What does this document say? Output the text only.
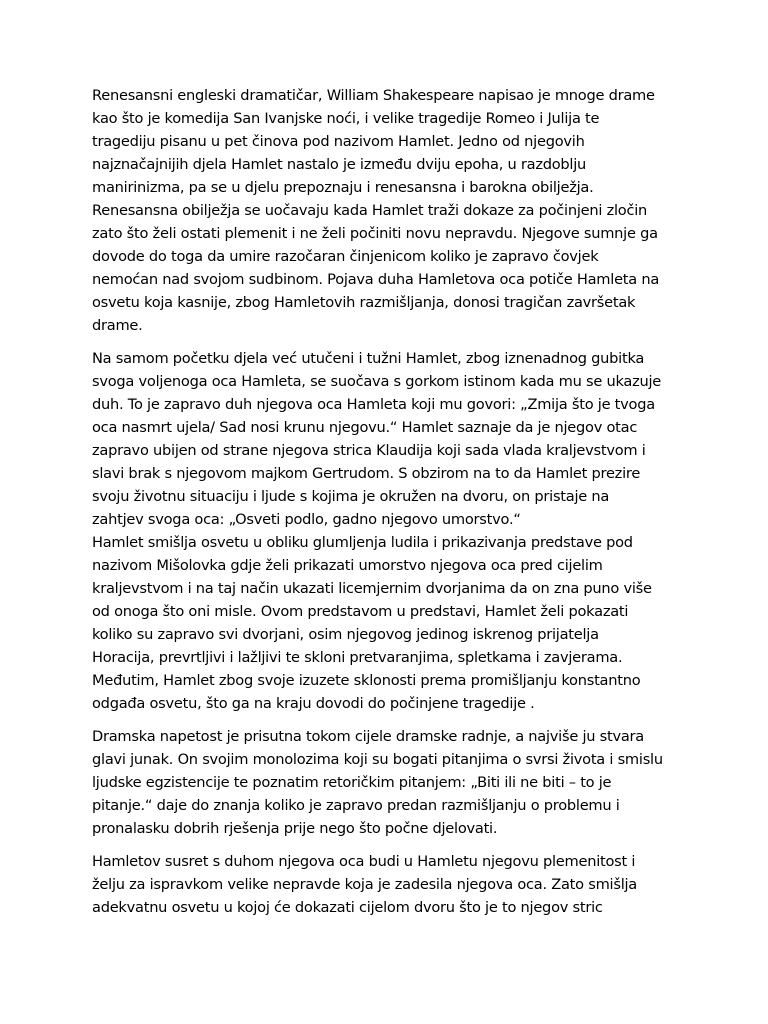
Renesansni engleski dramatičar, William Shakespeare napisao je mnoge drame
kao što je komedija San Ivanjske noći, i velike tragedije Romeo i Julija te
tragediju pisanu u pet činova pod nazivom Hamlet. Jedno od njegovih
najznačajnijih djela Hamlet nastalo je između dviju epoha, u razdoblju
manirinizma, pa se u djelu prepoznaju i renesansna i barokna obilježja.
Renesansna obilježja se uočavaju kada Hamlet traži dokaze za počinjeni zločin
zato što želi ostati plemenit i ne želi počiniti novu nepravdu. Njegove sumnje ga
dovode do toga da umire razočaran činjenicom koliko je zapravo čovjek
nemoćan nad svojom sudbinom. Pojava duha Hamletova oca potiče Hamleta na
osvetu koja kasnije, zbog Hamletovih razmišljanja, donosi tragičan završetak
drame.

Na samom početku djela već utučeni i tužni Hamlet, zbog iznenadnog gubitka
svoga voljenoga oca Hamleta, se suočava s gorkom istinom kada mu se ukazuje
duh. To je zapravo duh njegova oca Hamleta koji mu govori: „Zmija što je tvoga
oca nasmrt ujela/ Sad nosi krunu njegovu.“ Hamlet saznaje da je njegov otac
zapravo ubijen od strane njegova strica Klaudija koji sada vlada kraljevstvom i
slavi brak s njegovom majkom Gertrudom. S obzirom na to da Hamlet prezire
svoju životnu situaciju i ljude s kojima je okružen na dvoru, on pristaje na
zahtjev svoga oca: „Osveti podlo, gadno njegovo umorstvo.“
Hamlet smišlja osvetu u obliku glumljenja ludila i prikazivanja predstave pod
nazivom Mišolovka gdje želi prikazati umorstvo njegova oca pred cijelim
kraljevstvom i na taj način ukazati licemjernim dvorjanima da on zna puno više
od onoga što oni misle. Ovom predstavom u predstavi, Hamlet želi pokazati
koliko su zapravo svi dvorjani, osim njegovog jedinog iskrenog prijatelja
Horacija, prevrtljivi i lažljivi te skloni pretvaranjima, spletkama i zavjerama.
Međutim, Hamlet zbog svoje izuzete sklonosti prema promišljanju konstantno
odgađa osvetu, što ga na kraju dovodi do počinjene tragedije .

Dramska napetost je prisutna tokom cijele dramske radnje, a najviše ju stvara
glavi junak. On svojim monolozima koji su bogati pitanjima o svrsi života i smislu
ljudske egzistencije te poznatim retoričkim pitanjem: „Biti ili ne biti – to je
pitanje.“ daje do znanja koliko je zapravo predan razmišljanju o problemu i
pronalasku dobrih rješenja prije nego što počne djelovati.

Hamletov susret s duhom njegova oca budi u Hamletu njegovu plemenitost i
želju za ispravkom velike nepravde koja je zadesila njegova oca. Zato smišlja
adekvatnu osvetu u kojoj će dokazati cijelom dvoru što je to njegov stric
